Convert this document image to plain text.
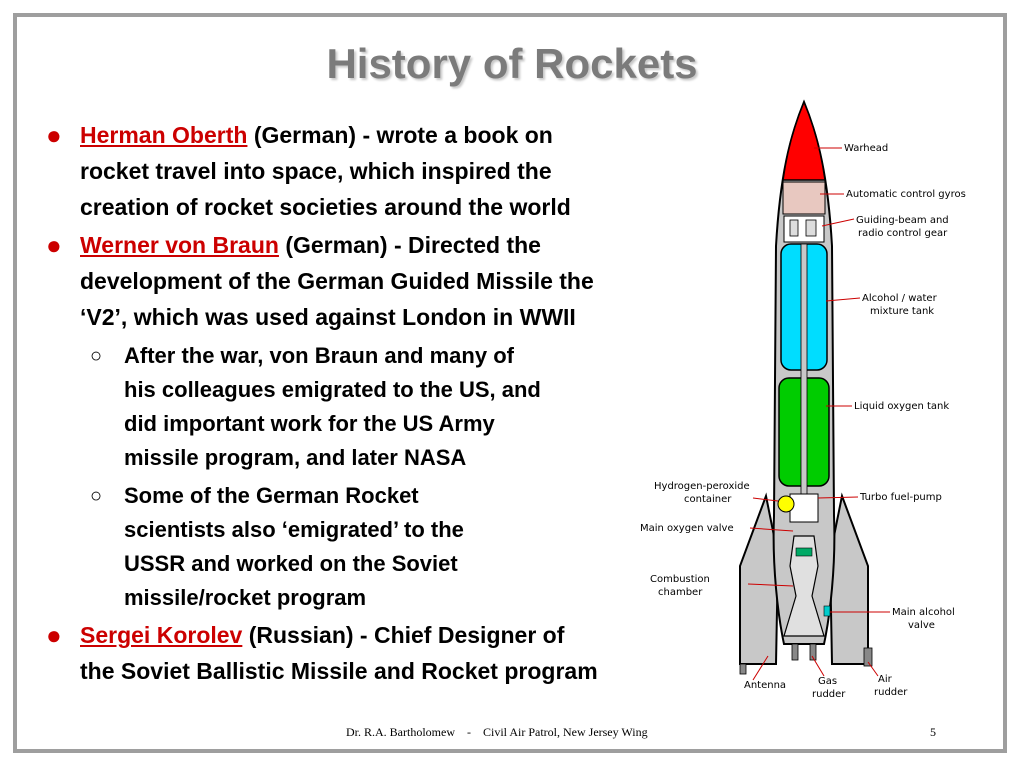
History of Rockets
● Herman Oberth (German) - wrote a book on
rocket travel into space, which inspired the
creation of rocket societies around the world
● Werner von Braun (German) - Directed the
development of the German Guided Missile the
‘V2’, which was used against London in WWII
○ After the war, von Braun and many of
his colleagues emigrated to the US, and
did important work for the US Army
missile program, and later NASA
○ Some of the German Rocket
scientists also ‘emigrated’ to the
USSR and worked on the Soviet
missile/rocket program
● Sergei Korolev (Russian) - Chief Designer of
the Soviet Ballistic Missile and Rocket program
Warhead
Automatic control gyros
Guiding-beam and
radio control gear
Alcohol / water
mixture tank
Liquid oxygen tank
Hydrogen-peroxide
container	Turbo fuel-pump
Main oxygen valve
Combustion
chamber
Main alcohol
valve
Antenna	Gas
rudder
Air
rudder
Dr. R.A. Bartholomew    -    Civil Air Patrol, New Jersey Wing	5
